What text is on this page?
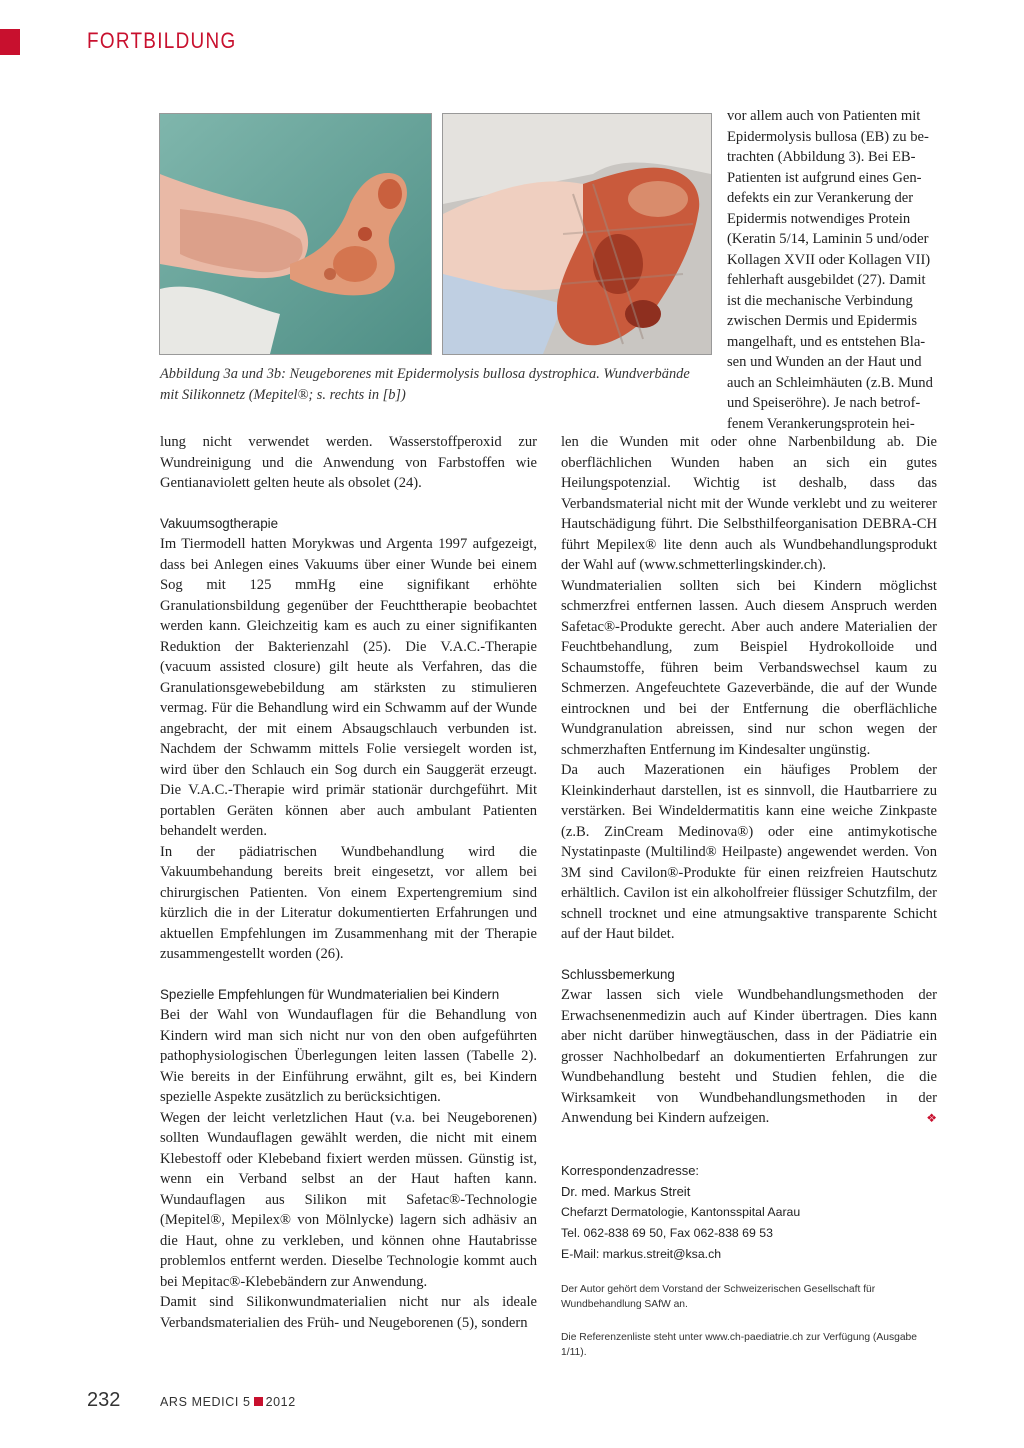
FORTBILDUNG
Abbildung 3a und 3b: Neugeborenes mit Epidermolysis bullosa dystrophica. Wundverbände mit Silikonnetz (Mepitel®; s. rechts in [b])
vor allem auch von Patienten mit
Epidermolysis bullosa (EB) zu be-
trachten (Abbildung 3). Bei EB-
Patienten ist aufgrund eines Gen-
defekts ein zur Verankerung der
Epidermis notwendiges Protein
(Keratin 5/14, Laminin 5 und/oder
Kollagen XVII oder Kollagen VII)
fehlerhaft ausgebildet (27). Damit
ist die mechanische Verbindung
zwischen Dermis und Epidermis
mangelhaft, und es entstehen Bla-
sen und Wunden an der Haut und
auch an Schleimhäuten (z.B. Mund
und Speiseröhre). Je nach betrof-
fenem Verankerungsprotein hei-

lung nicht verwendet werden. Wasserstoffperoxid zur Wundreinigung und die Anwendung von Farbstoffen wie Gentianaviolett gelten heute als obsolet (24).

Vakuumsogtherapie

Im Tiermodell hatten Morykwas und Argenta 1997 aufgezeigt, dass bei Anlegen eines Vakuums über einer Wunde bei einem Sog mit 125 mmHg eine signifikant erhöhte Granulationsbildung gegenüber der Feuchttherapie beobachtet werden kann. Gleichzeitig kam es auch zu einer signifikanten Reduktion der Bakterienzahl (25). Die V.A.C.-Therapie (vacuum assisted closure) gilt heute als Verfahren, das die Granulationsgewebebildung am stärksten zu stimulieren vermag. Für die Behandlung wird ein Schwamm auf der Wunde angebracht, der mit einem Absaugschlauch verbunden ist. Nachdem der Schwamm mittels Folie versiegelt worden ist, wird über den Schlauch ein Sog durch ein Sauggerät erzeugt. Die V.A.C.-Therapie wird primär stationär durchgeführt. Mit portablen Geräten können aber auch ambulant Patienten behandelt werden.

In der pädiatrischen Wundbehandlung wird die Vakuumbehandung bereits breit eingesetzt, vor allem bei chirurgischen Patienten. Von einem Expertengremium sind kürzlich die in der Literatur dokumentierten Erfahrungen und aktuellen Empfehlungen im Zusammenhang mit der Therapie zusammengestellt worden (26).

Spezielle Empfehlungen für Wundmaterialien bei Kindern

Bei der Wahl von Wundauflagen für die Behandlung von Kindern wird man sich nicht nur von den oben aufgeführten pathophysiologischen Überlegungen leiten lassen (Tabelle 2). Wie bereits in der Einführung erwähnt, gilt es, bei Kindern spezielle Aspekte zusätzlich zu berücksichtigen.

Wegen der leicht verletzlichen Haut (v.a. bei Neugeborenen) sollten Wundauflagen gewählt werden, die nicht mit einem Klebestoff oder Klebeband fixiert werden müssen. Günstig ist, wenn ein Verband selbst an der Haut haften kann. Wundauflagen aus Silikon mit Safetac®-Technologie (Mepitel®, Mepilex® von Mölnlycke) lagern sich adhäsiv an die Haut, ohne zu verkleben, und können ohne Hautabrisse problemlos entfernt werden. Dieselbe Technologie kommt auch bei Mepitac®-Klebebändern zur Anwendung.

Damit sind Silikonwundmaterialien nicht nur als ideale Verbandsmaterialien des Früh- und Neugeborenen (5), sondern

len die Wunden mit oder ohne Narbenbildung ab. Die oberflächlichen Wunden haben an sich ein gutes Heilungspotenzial. Wichtig ist deshalb, dass das Verbandsmaterial nicht mit der Wunde verklebt und zu weiterer Hautschädigung führt. Die Selbsthilfeorganisation DEBRA-CH führt Mepilex® lite denn auch als Wundbehandlungsprodukt der Wahl auf (www.schmetterlingskinder.ch).

Wundmaterialien sollten sich bei Kindern möglichst schmerzfrei entfernen lassen. Auch diesem Anspruch werden Safetac®-Produkte gerecht. Aber auch andere Materialien der Feuchtbehandlung, zum Beispiel Hydrokolloide und Schaumstoffe, führen beim Verbandswechsel kaum zu Schmerzen. Angefeuchtete Gazeverbände, die auf der Wunde eintrocknen und bei der Entfernung die oberflächliche Wundgranulation abreissen, sind nur schon wegen der schmerzhaften Entfernung im Kindesalter ungünstig.

Da auch Mazerationen ein häufiges Problem der Kleinkinderhaut darstellen, ist es sinnvoll, die Hautbarriere zu verstärken. Bei Windeldermatitis kann eine weiche Zinkpaste (z.B. ZinCream Medinova®) oder eine antimykotische Nystatinpaste (Multilind® Heilpaste) angewendet werden. Von 3M sind Cavilon®-Produkte für einen reizfreien Hautschutz erhältlich. Cavilon ist ein alkoholfreier flüssiger Schutzfilm, der schnell trocknet und eine atmungsaktive transparente Schicht auf der Haut bildet.

Schlussbemerkung

Zwar lassen sich viele Wundbehandlungsmethoden der Erwachsenenmedizin auch auf Kinder übertragen. Dies kann aber nicht darüber hinwegtäuschen, dass in der Pädiatrie ein grosser Nachholbedarf an dokumentierten Erfahrungen zur Wundbehandlung besteht und Studien fehlen, die die Wirksamkeit von Wundbehandlungsmethoden in der Anwendung bei Kindern aufzeigen.	❖

Korrespondenzadresse:
Dr. med. Markus Streit
Chefarzt Dermatologie, Kantonsspital Aarau
Tel. 062-838 69 50, Fax 062-838 69 53
E-Mail: markus.streit@ksa.ch
Der Autor gehört dem Vorstand der Schweizerischen Gesellschaft für Wundbehandlung SAfW an.
Die Referenzenliste steht unter www.ch-paediatrie.ch zur Verfügung (Ausgabe 1/11).
232	ARS MEDICI 5 2012
